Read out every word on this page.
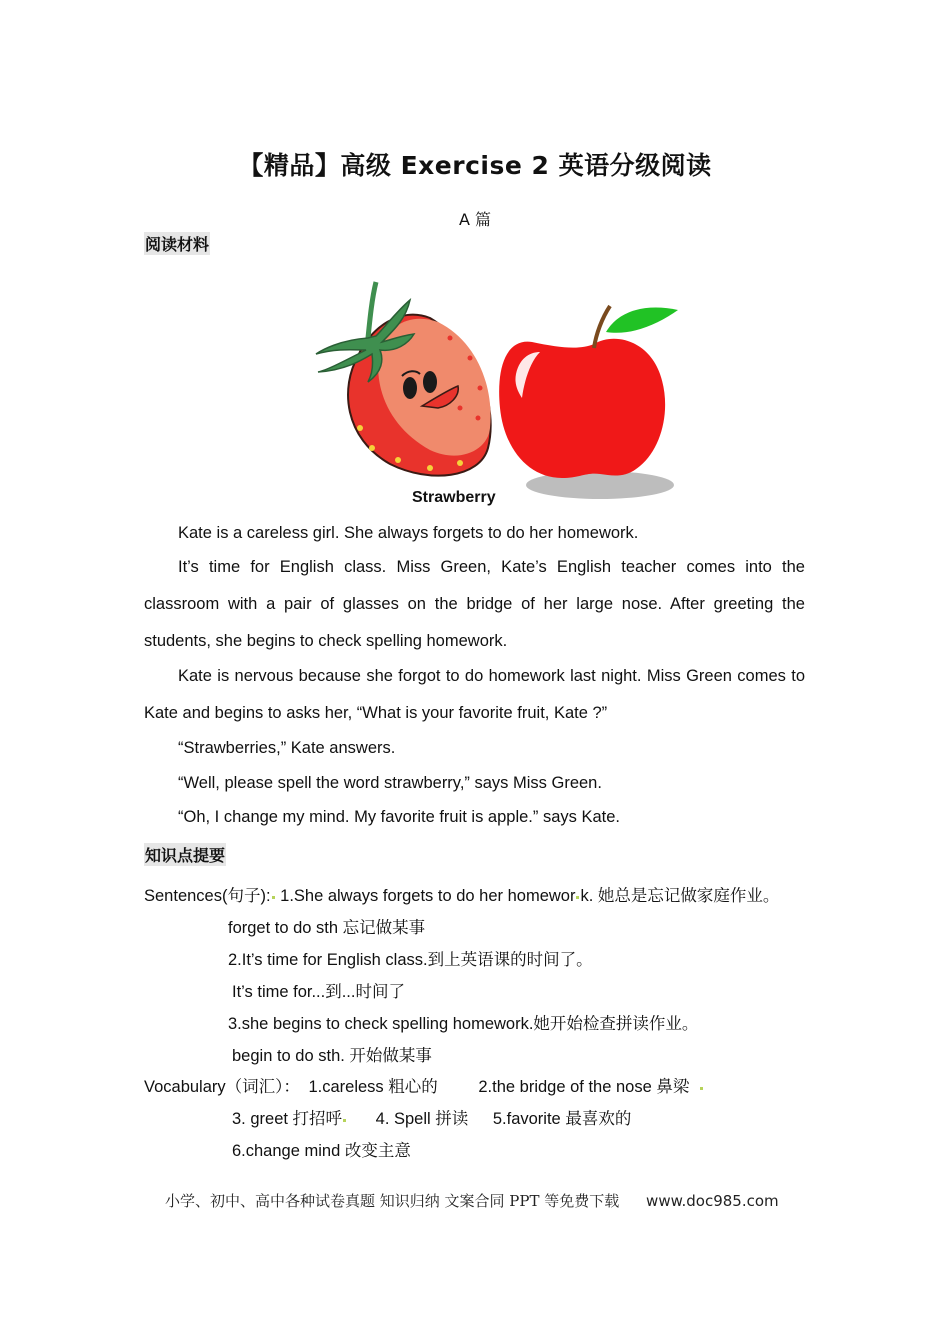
【精品】高级 Exercise 2 英语分级阅读
A 篇
阅读材料
Strawberry

Kate is a careless girl. She always forgets to do her homework.

It’s time for English class. Miss Green, Kate’s English teacher comes into the classroom with a pair of glasses on the bridge of her large nose. After greeting the students, she begins to check spelling homework.

Kate is nervous because she forgot to do homework last night. Miss Green comes to Kate and begins to asks her, “What is your favorite fruit, Kate ?”

“Strawberries,” Kate answers.

“Well, please spell the word strawberry,” says Miss Green.

“Oh, I change my mind. My favorite fruit is apple.” says Kate.

知识点提要
Sentences(句子): 1.She always forgets to do her homewor k. 她总是忘记做家庭作业。
forget to do sth 忘记做某事
2.It’s time for English class.到上英语课的时间了。
It’s time for...到...时间了
3.she begins to check spelling homework.她开始检查拼读作业。
begin to do sth. 开始做某事
Vocabulary（词汇）： 1.careless 粗心的 2.the bridge of the nose 鼻梁
3. greet 打招呼 4. Spell 拼读 5.favorite 最喜欢的
6.change mind 改变主意
小学、初中、高中各种试卷真题 知识归纳 文案合同 PPT 等免费下载 www.doc985.com
